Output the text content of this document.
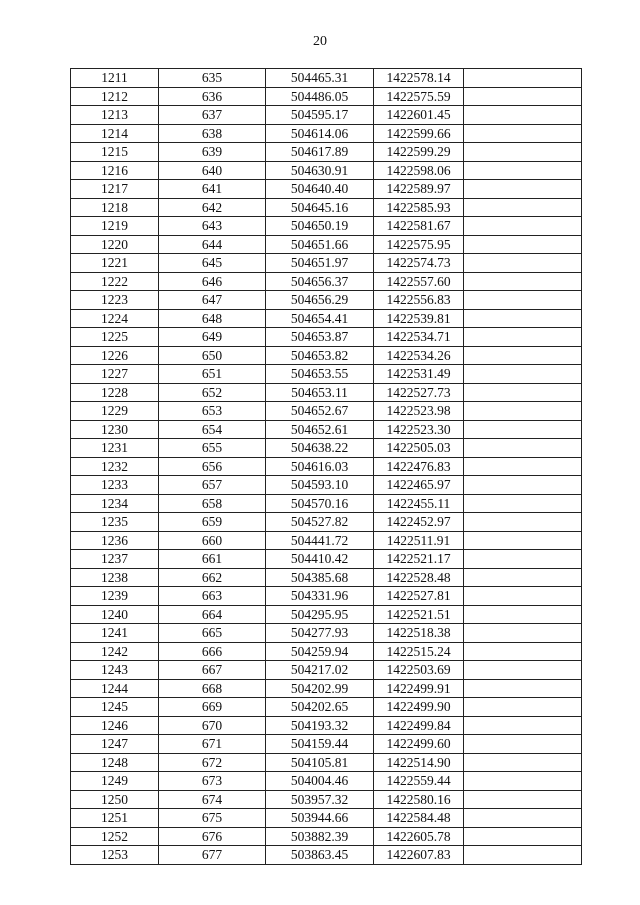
20
1211	635	504465.31	1422578.14	
1212	636	504486.05	1422575.59	
1213	637	504595.17	1422601.45	
1214	638	504614.06	1422599.66	
1215	639	504617.89	1422599.29	
1216	640	504630.91	1422598.06	
1217	641	504640.40	1422589.97	
1218	642	504645.16	1422585.93	
1219	643	504650.19	1422581.67	
1220	644	504651.66	1422575.95	
1221	645	504651.97	1422574.73	
1222	646	504656.37	1422557.60	
1223	647	504656.29	1422556.83	
1224	648	504654.41	1422539.81	
1225	649	504653.87	1422534.71	
1226	650	504653.82	1422534.26	
1227	651	504653.55	1422531.49	
1228	652	504653.11	1422527.73	
1229	653	504652.67	1422523.98	
1230	654	504652.61	1422523.30	
1231	655	504638.22	1422505.03	
1232	656	504616.03	1422476.83	
1233	657	504593.10	1422465.97	
1234	658	504570.16	1422455.11	
1235	659	504527.82	1422452.97	
1236	660	504441.72	1422511.91	
1237	661	504410.42	1422521.17	
1238	662	504385.68	1422528.48	
1239	663	504331.96	1422527.81	
1240	664	504295.95	1422521.51	
1241	665	504277.93	1422518.38	
1242	666	504259.94	1422515.24	
1243	667	504217.02	1422503.69	
1244	668	504202.99	1422499.91	
1245	669	504202.65	1422499.90	
1246	670	504193.32	1422499.84	
1247	671	504159.44	1422499.60	
1248	672	504105.81	1422514.90	
1249	673	504004.46	1422559.44	
1250	674	503957.32	1422580.16	
1251	675	503944.66	1422584.48	
1252	676	503882.39	1422605.78	
1253	677	503863.45	1422607.83	
